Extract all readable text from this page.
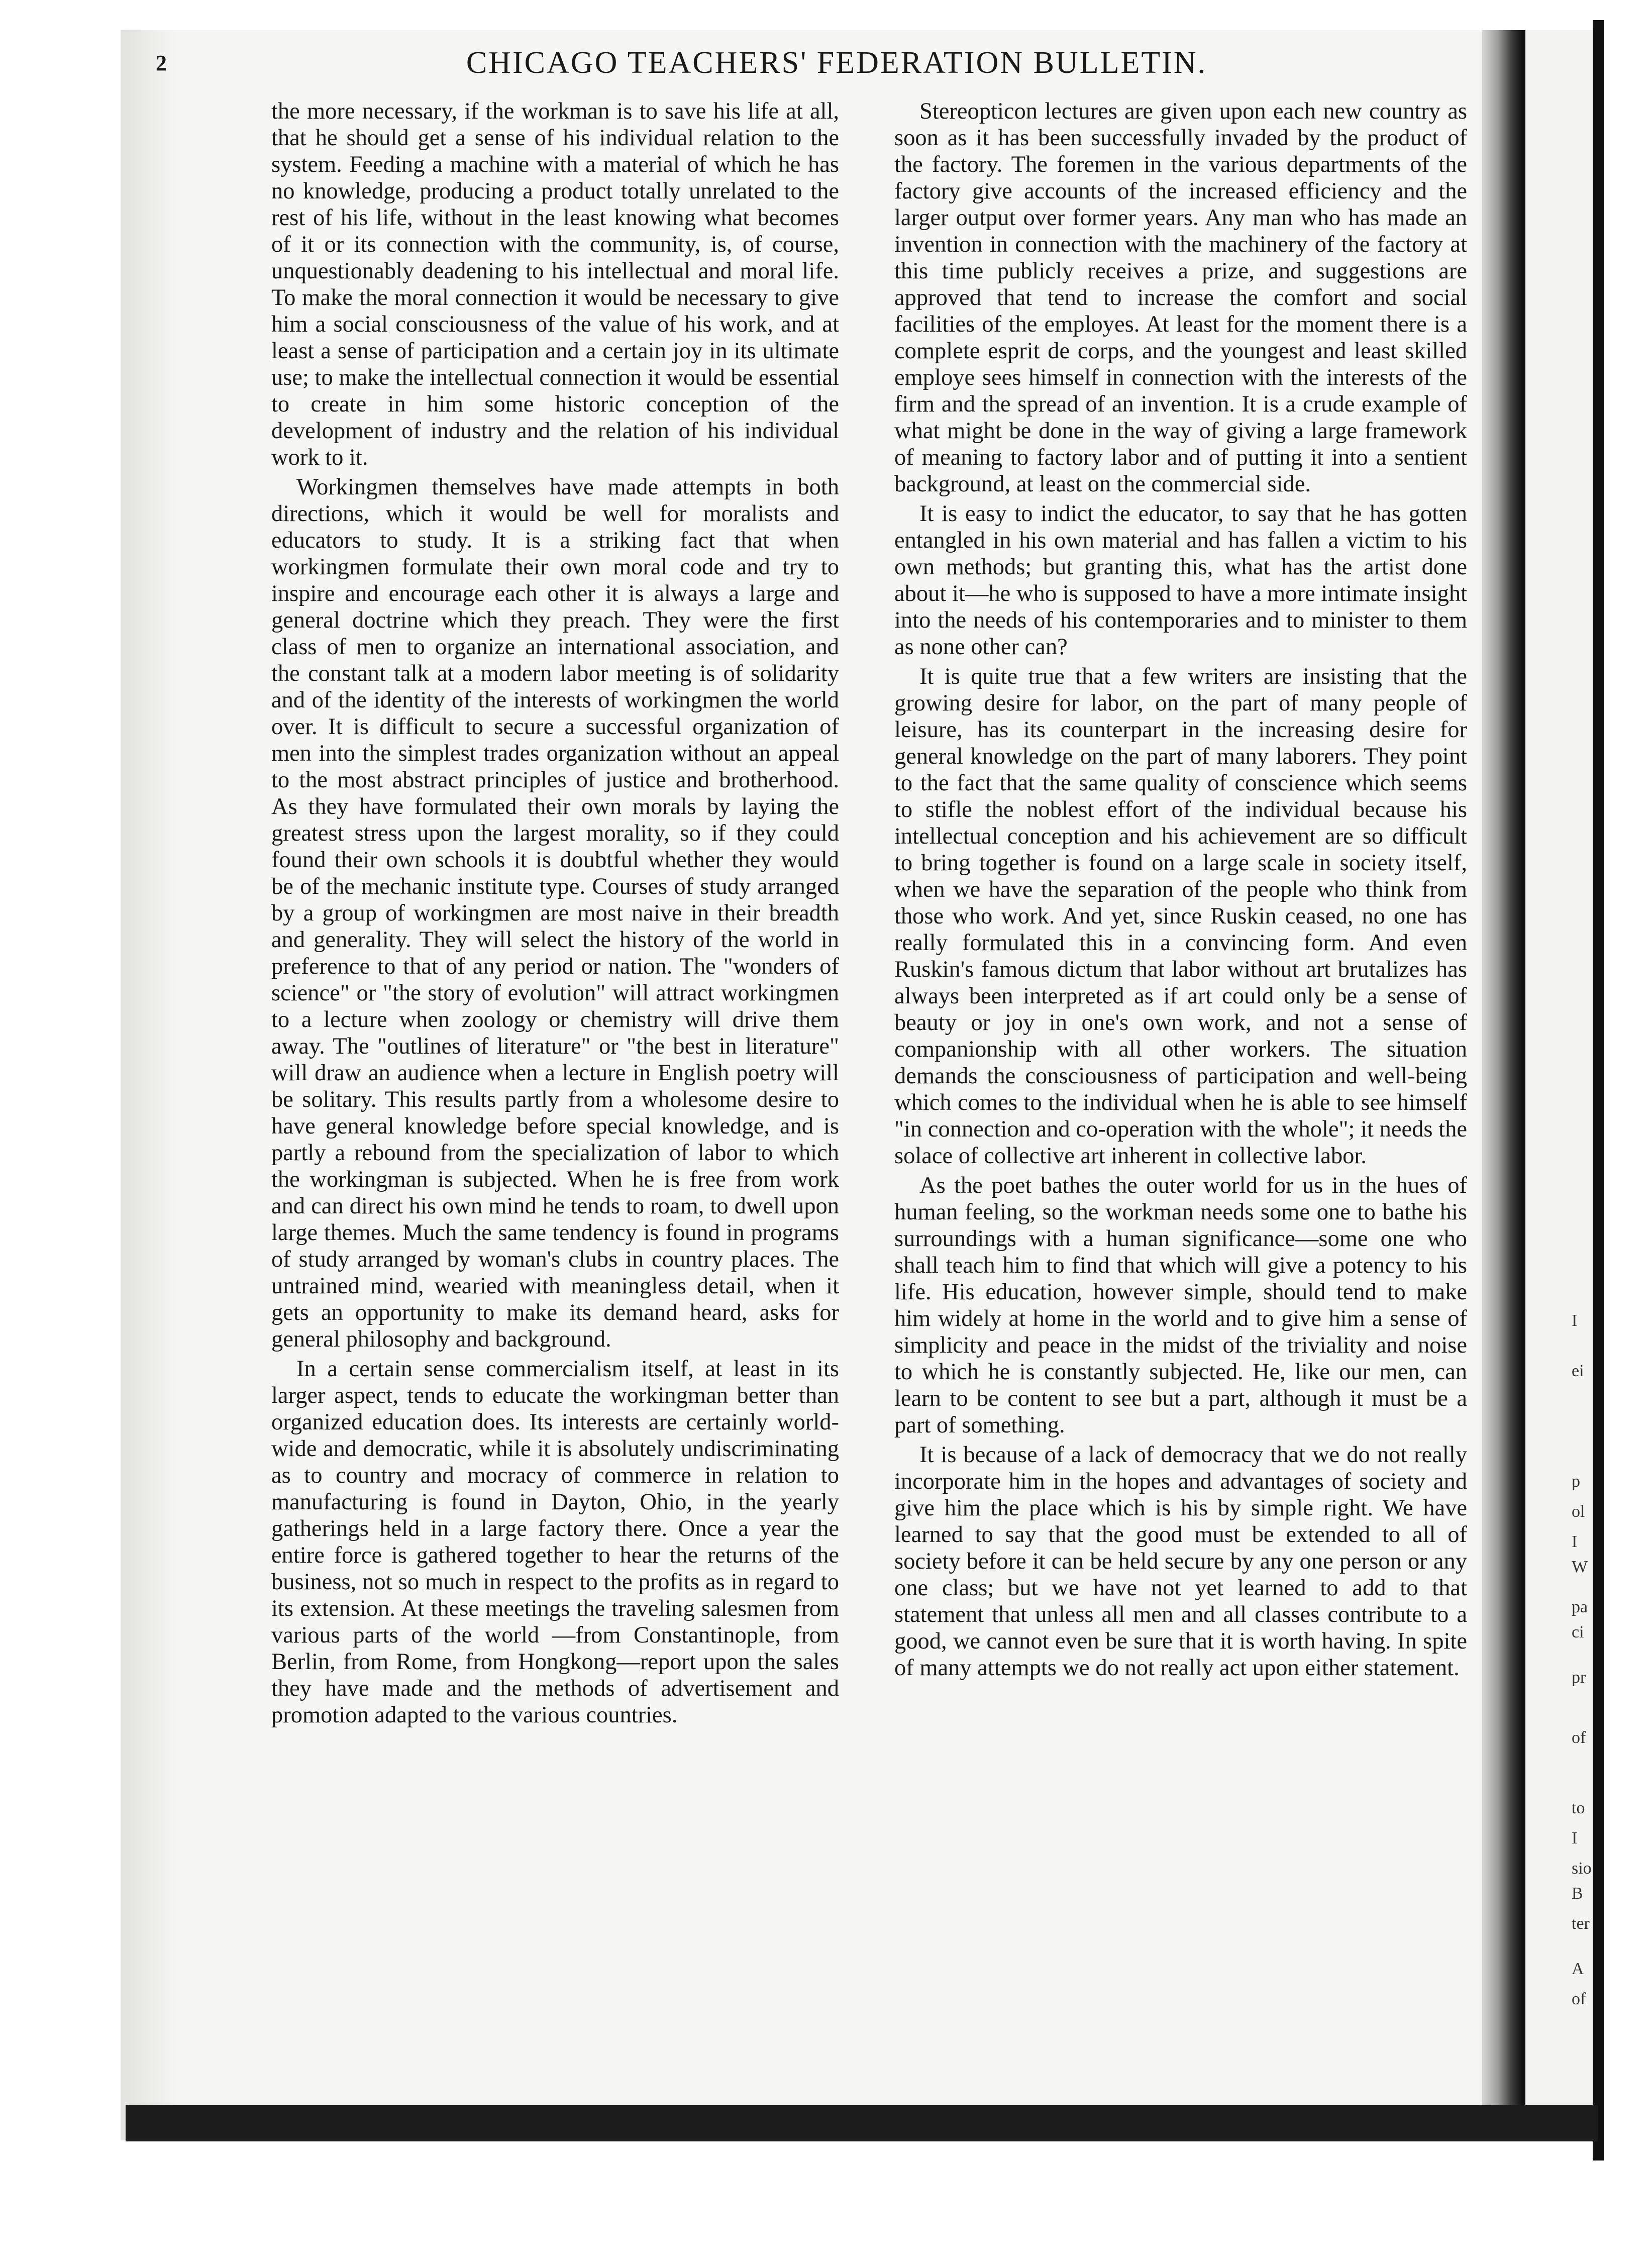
2	CHICAGO TEACHERS' FEDERATION BULLETIN.

the more necessary, if the workman is to save his life at all, that he should get a sense of his individual relation to the system. Feeding a machine with a material of which he has no knowledge, producing a product totally unrelated to the rest of his life, without in the least knowing what becomes of it or its connection with the community, is, of course, unquestionably deadening to his intellectual and moral life. To make the moral connection it would be necessary to give him a social consciousness of the value of his work, and at least a sense of participation and a certain joy in its ultimate use; to make the intellectual connection it would be essential to create in him some historic conception of the development of industry and the relation of his individual work to it.

Workingmen themselves have made attempts in both directions, which it would be well for moralists and educators to study. It is a striking fact that when workingmen formulate their own moral code and try to inspire and encourage each other it is always a large and general doctrine which they preach. They were the first class of men to organize an international association, and the constant talk at a modern labor meeting is of solidarity and of the identity of the interests of workingmen the world over. It is difficult to secure a successful organization of men into the simplest trades organization without an appeal to the most abstract principles of justice and brotherhood. As they have formulated their own morals by laying the greatest stress upon the largest morality, so if they could found their own schools it is doubtful whether they would be of the mechanic institute type. Courses of study arranged by a group of workingmen are most naive in their breadth and generality. They will select the history of the world in preference to that of any period or nation. The "wonders of science" or "the story of evolution" will attract workingmen to a lecture when zoology or chemistry will drive them away. The "outlines of literature" or "the best in literature" will draw an audience when a lecture in English poetry will be solitary. This results partly from a wholesome desire to have general knowledge before special knowledge, and is partly a rebound from the specialization of labor to which the workingman is subjected. When he is free from work and can direct his own mind he tends to roam, to dwell upon large themes. Much the same tendency is found in programs of study arranged by woman's clubs in country places. The untrained mind, wearied with meaningless detail, when it gets an opportunity to make its demand heard, asks for general philosophy and background.

In a certain sense commercialism itself, at least in its larger aspect, tends to educate the workingman better than organized education does. Its interests are certainly world-wide and democratic, while it is absolutely undiscriminating as to country and mocracy of commerce in relation to manufacturing is found in Dayton, Ohio, in the yearly gatherings held in a large factory there. Once a year the entire force is gathered together to hear the returns of the business, not so much in respect to the profits as in regard to its extension. At these meetings the traveling salesmen from various parts of the world —from Constantinople, from Berlin, from Rome, from Hongkong—report upon the sales they have made and the methods of advertisement and promotion adapted to the various countries.

Stereopticon lectures are given upon each new country as soon as it has been successfully invaded by the product of the factory. The foremen in the various departments of the factory give accounts of the increased efficiency and the larger output over former years. Any man who has made an invention in connection with the machinery of the factory at this time publicly receives a prize, and suggestions are approved that tend to increase the comfort and social facilities of the employes. At least for the moment there is a complete esprit de corps, and the youngest and least skilled employe sees himself in connection with the interests of the firm and the spread of an invention. It is a crude example of what might be done in the way of giving a large framework of meaning to factory labor and of putting it into a sentient background, at least on the commercial side.

It is easy to indict the educator, to say that he has gotten entangled in his own material and has fallen a victim to his own methods; but granting this, what has the artist done about it—he who is supposed to have a more intimate insight into the needs of his contemporaries and to minister to them as none other can?

It is quite true that a few writers are insisting that the growing desire for labor, on the part of many people of leisure, has its counterpart in the increasing desire for general knowledge on the part of many laborers. They point to the fact that the same quality of conscience which seems to stifle the noblest effort of the individual because his intellectual conception and his achievement are so difficult to bring together is found on a large scale in society itself, when we have the separation of the people who think from those who work. And yet, since Ruskin ceased, no one has really formulated this in a convincing form. And even Ruskin's famous dictum that labor without art brutalizes has always been interpreted as if art could only be a sense of beauty or joy in one's own work, and not a sense of companionship with all other workers. The situation demands the consciousness of participation and well-being which comes to the individual when he is able to see himself "in connection and co-operation with the whole"; it needs the solace of collective art inherent in collective labor.

As the poet bathes the outer world for us in the hues of human feeling, so the workman needs some one to bathe his surroundings with a human significance—some one who shall teach him to find that which will give a potency to his life. His education, however simple, should tend to make him widely at home in the world and to give him a sense of simplicity and peace in the midst of the triviality and noise to which he is constantly subjected. He, like our men, can learn to be content to see but a part, although it must be a part of something.

It is because of a lack of democracy that we do not really incorporate him in the hopes and advantages of society and give him the place which is his by simple right. We have learned to say that the good must be extended to all of society before it can be held secure by any one person or any one class; but we have not yet learned to add to that statement that unless all men and all classes contribute to a good, we cannot even be sure that it is worth having. In spite of many attempts we do not really act upon either statement.

I
ei
p
ol
I
W
pa
ci
pr
of
to
I
sio
B
ter
A
of
